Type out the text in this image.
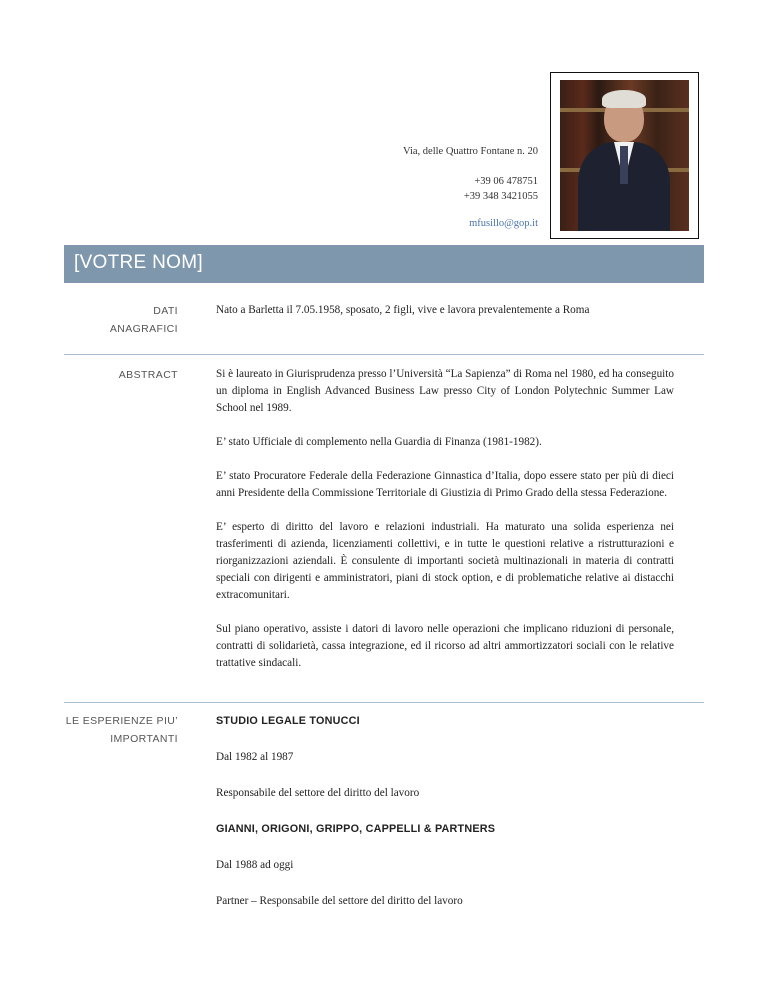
Via, delle Quattro Fontane n. 20
+39 06 478751
+39 348 3421055
mfusillo@gop.it
[VOTRE NOM]
DATI
ANAGRAFICI

Nato a Barletta il 7.05.1958, sposato, 2 figli, vive e lavora prevalentemente a Roma

ABSTRACT	Si è laureato in Giurisprudenza presso l’Università “La Sapienza” di Roma nel 1980, ed ha conseguito un diploma in English Advanced Business Law presso City of London Polytechnic Summer Law School nel 1989.

E’ stato Ufficiale di complemento nella Guardia di Finanza (1981-1982).

E’ stato Procuratore Federale della Federazione Ginnastica d’Italia, dopo essere stato per più di dieci anni Presidente della Commissione Territoriale di Giustizia di Primo Grado della stessa Federazione.

E’ esperto di diritto del lavoro e relazioni industriali. Ha maturato una solida esperienza nei trasferimenti di azienda, licenziamenti collettivi, e in tutte le questioni relative a ristrutturazioni e riorganizzazioni aziendali. È consulente di importanti società multinazionali in materia di contratti speciali con dirigenti e amministratori, piani di stock option, e di problematiche relative ai distacchi extracomunitari.

Sul piano operativo, assiste i datori di lavoro nelle operazioni che implicano riduzioni di personale, contratti di solidarietà, cassa integrazione, ed il ricorso ad altri ammortizzatori sociali con le relative trattative sindacali.

LE ESPERIENZE PIU’
IMPORTANTI

STUDIO LEGALE TONUCCI

Dal 1982 al 1987

Responsabile del settore del diritto del lavoro

GIANNI, ORIGONI, GRIPPO, CAPPELLI & PARTNERS

Dal 1988 ad oggi

Partner – Responsabile del settore del diritto del lavoro
